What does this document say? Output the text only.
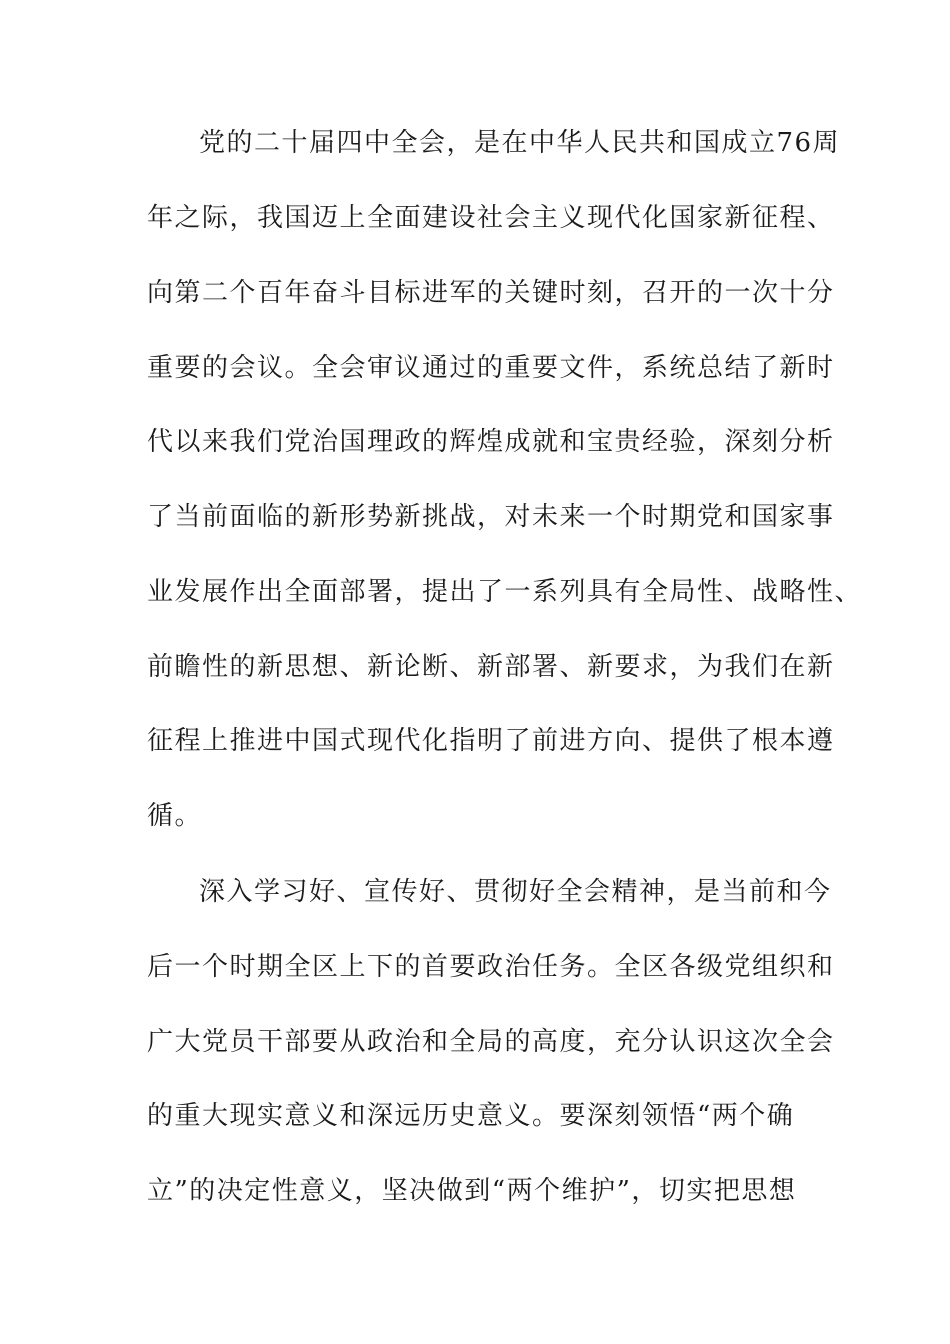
党的二十届四中全会，是在中华人民共和国成立76周
年之际，我国迈上全面建设社会主义现代化国家新征程、
向第二个百年奋斗目标进军的关键时刻，召开的一次十分
重要的会议。全会审议通过的重要文件，系统总结了新时
代以来我们党治国理政的辉煌成就和宝贵经验，深刻分析
了当前面临的新形势新挑战，对未来一个时期党和国家事
业发展作出全面部署，提出了一系列具有全局性、战略性、
前瞻性的新思想、新论断、新部署、新要求，为我们在新
征程上推进中国式现代化指明了前进方向、提供了根本遵
循。
深入学习好、宣传好、贯彻好全会精神，是当前和今
后一个时期全区上下的首要政治任务。全区各级党组织和
广大党员干部要从政治和全局的高度，充分认识这次全会
的重大现实意义和深远历史意义。要深刻领悟“两个确
立”的决定性意义，坚决做到“两个维护”，切实把思想
